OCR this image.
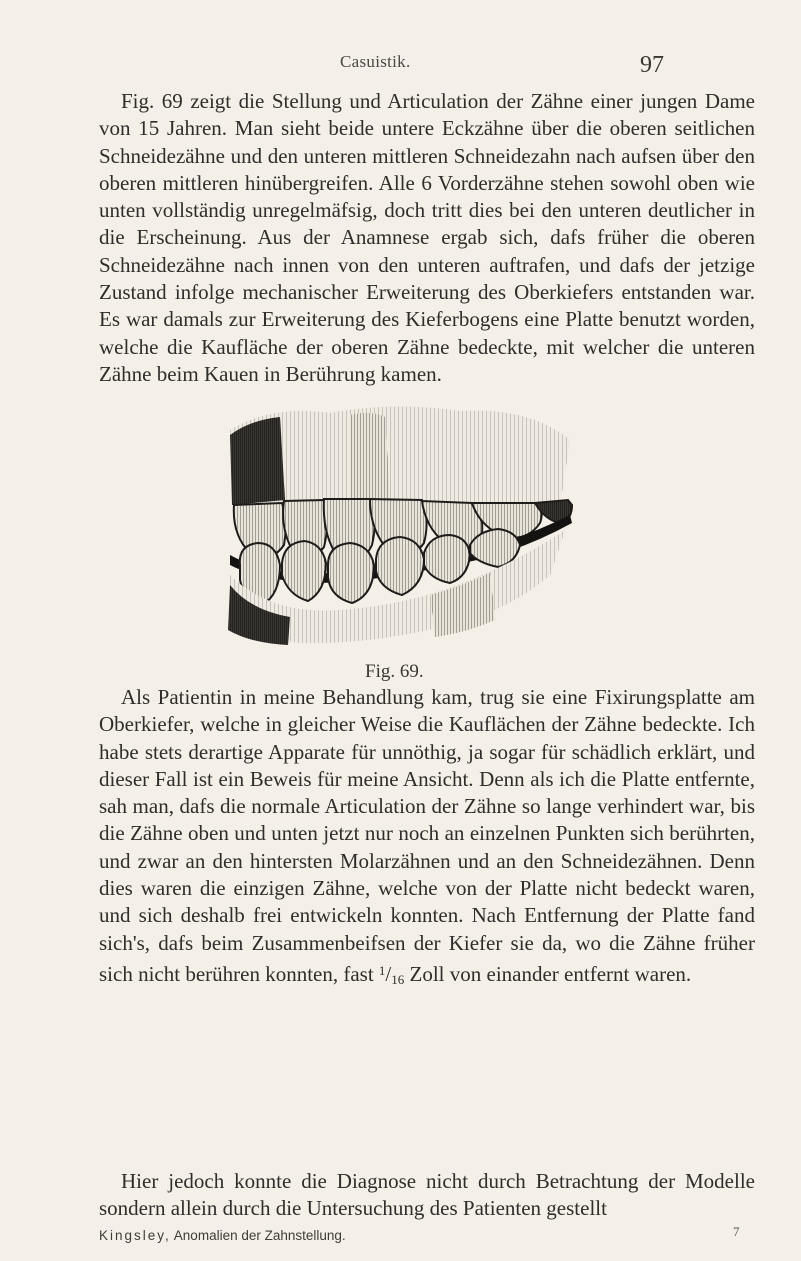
Casuistik.	97

Fig. 69 zeigt die Stellung und Articulation der Zähne einer jungen Dame von 15 Jahren. Man sieht beide untere Eckzähne über die oberen seitlichen Schneidezähne und den unteren mittleren Schneidezahn nach aufsen über den oberen mittleren hinübergreifen. Alle 6 Vorderzähne stehen sowohl oben wie unten vollständig unregelmäfsig, doch tritt dies bei den unteren deutlicher in die Erscheinung. Aus der Anamnese ergab sich, dafs früher die oberen Schneidezähne nach innen von den unteren auftrafen, und dafs der jetzige Zustand infolge mechanischer Erweiterung des Oberkiefers entstanden war. Es war damals zur Erweiterung des Kieferbogens eine Platte benutzt worden, welche die Kaufläche der oberen Zähne bedeckte, mit welcher die unteren Zähne beim Kauen in Berührung kamen.

Fig. 69.

Als Patientin in meine Behandlung kam, trug sie eine Fixirungsplatte am Oberkiefer, welche in gleicher Weise die Kauflächen der Zähne bedeckte. Ich habe stets derartige Apparate für unnöthig, ja sogar für schädlich erklärt, und dieser Fall ist ein Beweis für meine Ansicht. Denn als ich die Platte entfernte, sah man, dafs die normale Articulation der Zähne so lange verhindert war, bis die Zähne oben und unten jetzt nur noch an einzelnen Punkten sich berührten, und zwar an den hintersten Molarzähnen und an den Schneidezähnen. Denn dies waren die einzigen Zähne, welche von der Platte nicht bedeckt waren, und sich deshalb frei entwickeln konnten. Nach Entfernung der Platte fand sich's, dafs beim Zusammenbeifsen der Kiefer sie da, wo die Zähne früher sich nicht berühren konnten, fast $^1$/16 Zoll von einander entfernt waren.

Hier jedoch konnte die Diagnose nicht durch Betrachtung der Modelle sondern allein durch die Untersuchung des Patienten gestellt

Kingsley, Anomalien der Zahnstellung.	7
